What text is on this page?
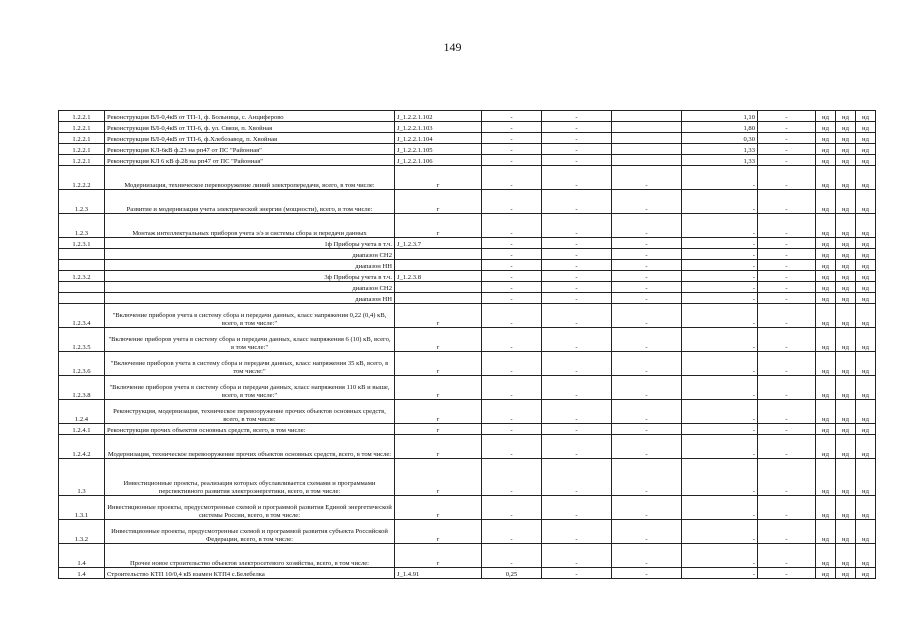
149
1.2.2.1	Реконструкция ВЛ-0,4кВ от ТП-1, ф. Больница, с. Анциферово	J_1.2.2.1.102	-	-		1,10	-	нд	нд	нд
1.2.2.1	Реконструкция ВЛ-0,4кВ от ТП-6, ф. ул. Связи, п. Хвойная	J_1.2.2.1.103	-	-		1,80	-	нд	нд	нд
1.2.2.1	Реконструкция ВЛ-0,4кВ от ТП-6, ф.Хлебозавод, п. Хвойная	J_1.2.2.1.104	-	-		0,30	-	нд	нд	нд
1.2.2.1	Реконструкция КЛ-6кВ ф.23 на рп47 от ПС "Районная"	J_1.2.2.1.105	-	-		1,33	-	нд	нд	нд
1.2.2.1	Реконструкция КЛ 6 кВ ф.28 на рп47 от ПС "Районная"	J_1.2.2.1.106	-	-		1,33	-	нд	нд	нд
1.2.2.2	Модернизация, техническое перевооружение линий электропередачи, всего, в том числе:	г	-	-	-	-	-	нд	нд	нд
1.2.3	Развитие и модернизация учета электрической энергии (мощности), всего, в том числе:	г	-	-	-	-	-	нд	нд	нд
1.2.3	Монтаж интеллектуальных приборов учета э/э и системы сбора и передачи данных	г	-	-	-	-	-	нд	нд	нд
1.2.3.1	1ф Приборы учета в т.ч.	J_1.2.3.7	-	-	-	-	-	нд	нд	нд
	диапазон СН2		-	-	-	-	-	нд	нд	нд
	диапазон НН		-	-	-	-	-	нд	нд	нд
1.2.3.2	3ф Приборы учета в т.ч.	J_1.2.3.8	-	-	-	-	-	нд	нд	нд
	диапазон СН2		-	-	-	-	-	нд	нд	нд
	диапазон НН		-	-	-	-	-	нд	нд	нд
1.2.3.4	"Включение приборов учета в систему сбора и передачи данных, класс напряжения 0,22 (0,4) кВ, всего, в том числе:"	г	-	-	-	-	-	нд	нд	нд
1.2.3.5	"Включение приборов учета в систему сбора и передачи данных, класс напряжения 6 (10) кВ, всего, в том числе:"	г	-	-	-	-	-	нд	нд	нд
1.2.3.6	"Включение приборов учета в систему сбора и передачи данных, класс напряжения 35 кВ, всего, в том числе:"	г	-	-	-	-	-	нд	нд	нд
1.2.3.8	"Включение приборов учета в систему сбора и передачи данных, класс напряжения 110 кВ и выше, всего, в том числе:"	г	-	-	-	-	-	нд	нд	нд
1.2.4	Реконструкция, модернизация, техническое перевооружение прочих объектов основных средств, всего, в том числе:	г	-	-	-	-	-	нд	нд	нд
1.2.4.1	Реконструкция прочих объектов основных средств, всего, в том числе:	г	-	-	-	-	-	нд	нд	нд
1.2.4.2	Модернизация, техническое перевооружение прочих объектов основных средств, всего, в том числе:	г	-	-	-	-	-	нд	нд	нд
1.3	Инвестиционные проекты, реализация которых обуславливается схемами и программами перспективного развития электроэнергетики, всего, в том числе:	г	-	-	-	-	-	нд	нд	нд
1.3.1	Инвестиционные проекты, предусмотренные схемой и программой развития Единой энергетической системы России, всего, в том числе:	г	-	-	-	-	-	нд	нд	нд
1.3.2	Инвестиционные проекты, предусмотренные схемой и программой развития субъекта Российской Федерации, всего, в том числе:	г	-	-	-	-	-	нд	нд	нд
1.4	Прочее новое строительство объектов электросетевого хозяйства, всего, в том числе:	г	-	-	-	-	-	нд	нд	нд
1.4	Строительство КТП 10/0,4 кВ взамен КТП4 с.Белебелка	J_1.4.91	0,25	-	-	-	-	нд	нд	нд
